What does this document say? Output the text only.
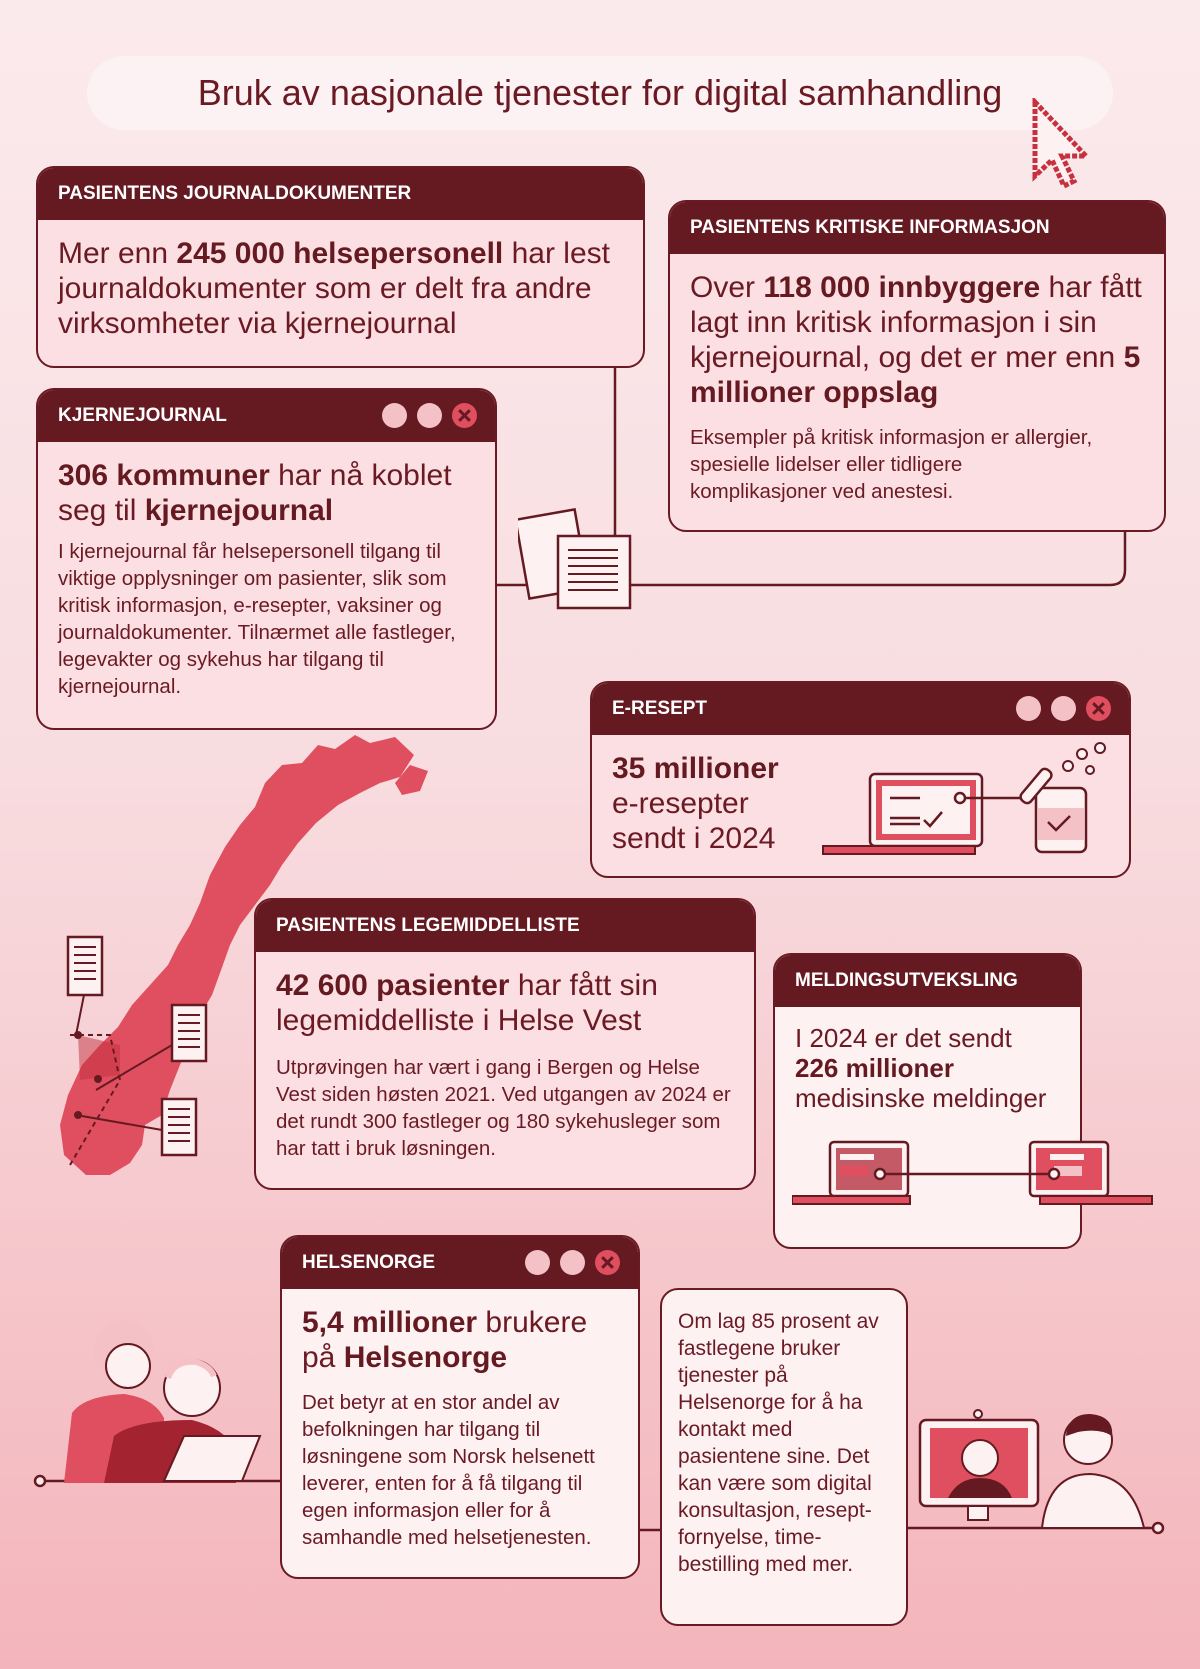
Bruk av nasjonale tjenester for digital samhandling
PASIENTENS JOURNALDOKUMENTER
Mer enn 245 000 helsepersonell har lest journaldokumenter som er delt fra andre virksomheter via kjernejournal
PASIENTENS KRITISKE INFORMASJON
Over 118 000 innbyggere har fått lagt inn kritisk informasjon i sin kjernejournal, og det er mer enn 5 millioner oppslag
Eksempler på kritisk informasjon er allergier, spesielle lidelser eller tidligere komplikasjoner ved anestesi.
KJERNEJOURNAL
306 kommuner har nå koblet seg til kjernejournal
I kjernejournal får helsepersonell tilgang til viktige opplysninger om pasienter, slik som kritisk informasjon, e-resepter, vaksiner og journaldokumenter. Tilnærmet alle fastleger, legevakter og sykehus har tilgang til kjernejournal.
E-RESEPT
35 millioner
e-resepter
sendt i 2024
PASIENTENS LEGEMIDDELLISTE
42 600 pasienter har fått sin legemiddelliste i Helse Vest
Utprøvingen har vært i gang i Bergen og Helse Vest siden høsten 2021. Ved utgangen av 2024 er det rundt 300 fastleger og 180 sykehusleger som har tatt i bruk løsningen.
MELDINGSUTVEKSLING
I 2024 er det sendt
226 millioner
medisinske meldinger
HELSENORGE
5,4 millioner brukere på Helsenorge
Det betyr at en stor andel av befolkningen har tilgang til løsningene som Norsk helsenett leverer, enten for å få tilgang til egen informasjon eller for å samhandle med helsetjenesten.
Om lag 85 prosent av fastlegene bruker tjenester på Helsenorge for å ha kontakt med pasientene sine. Det kan være som digital konsultasjon, resept-fornyelse, time-bestilling med mer.
